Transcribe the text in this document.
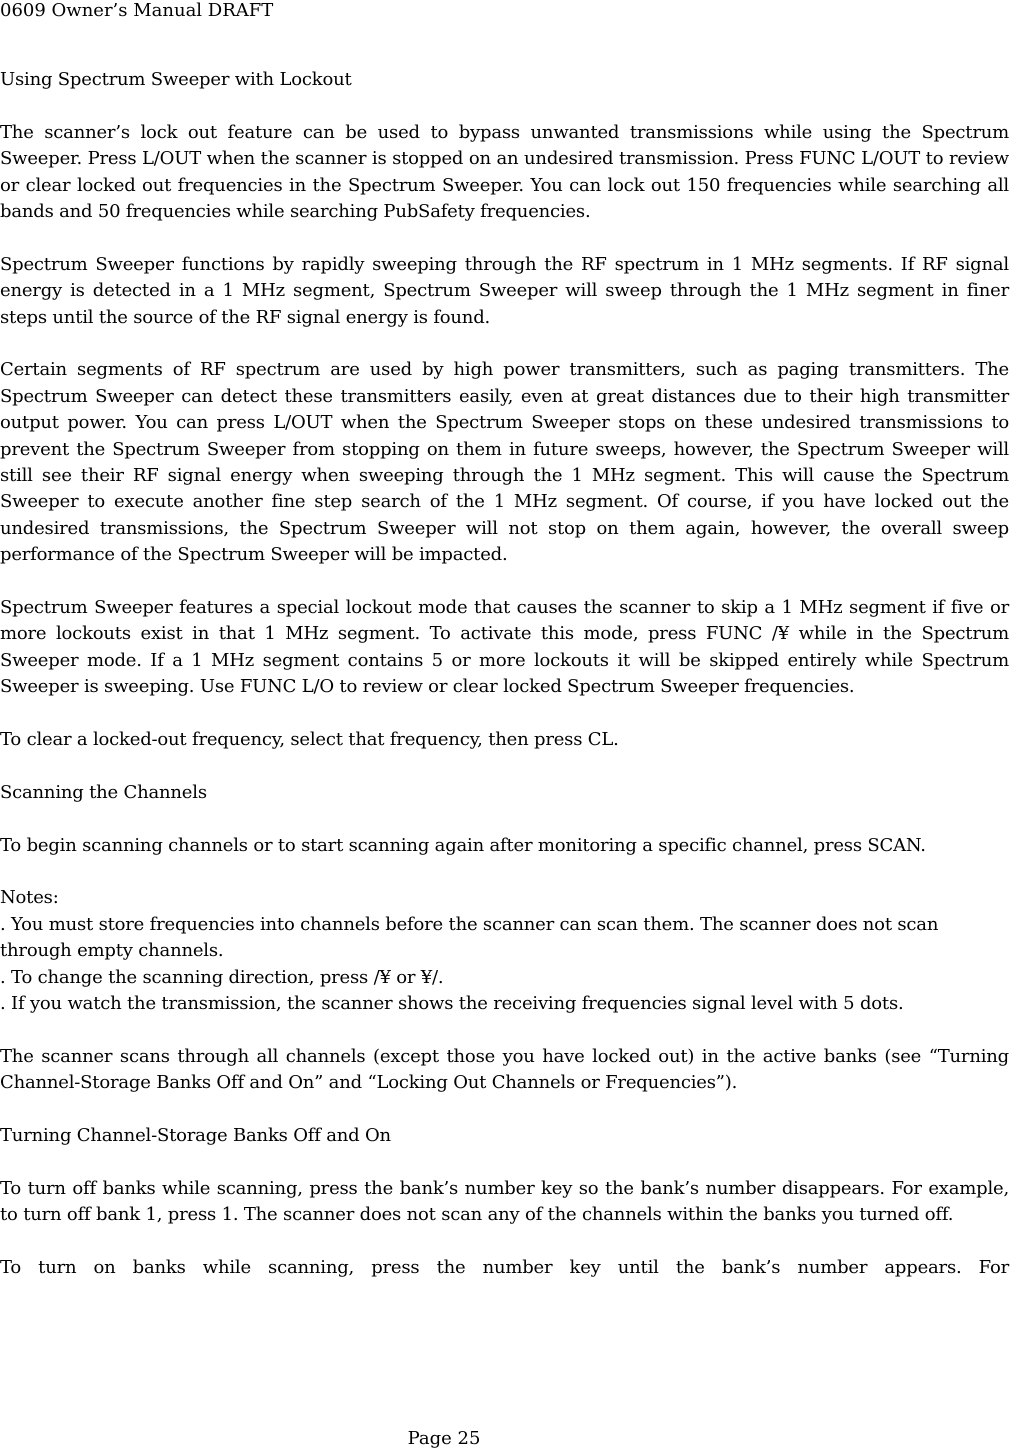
0609 Owner’s Manual DRAFT

Using Spectrum Sweeper with Lockout

The scanner’s lock out feature can be used to bypass unwanted transmissions while using the Spectrum Sweeper. Press L/OUT when the scanner is stopped on an undesired transmission. Press FUNC L/OUT to review or clear locked out frequencies in the Spectrum Sweeper. You can lock out 150 frequencies while searching all bands and 50 frequencies while searching PubSafety frequencies.

Spectrum Sweeper functions by rapidly sweeping through the RF spectrum in 1 MHz segments. If RF signal energy is detected in a 1 MHz segment, Spectrum Sweeper will sweep through the 1 MHz segment in finer steps until the source of the RF signal energy is found.

Certain segments of RF spectrum are used by high power transmitters, such as paging transmitters. The Spectrum Sweeper can detect these transmitters easily, even at great distances due to their high transmitter output power. You can press L/OUT when the Spectrum Sweeper stops on these undesired transmissions to prevent the Spectrum Sweeper from stopping on them in future sweeps, however, the Spectrum Sweeper will still see their RF signal energy when sweeping through the 1 MHz segment. This will cause the Spectrum Sweeper to execute another fine step search of the 1 MHz segment. Of course, if you have locked out the undesired transmissions, the Spectrum Sweeper will not stop on them again, however, the overall sweep performance of the Spectrum Sweeper will be impacted.

Spectrum Sweeper features a special lockout mode that causes the scanner to skip a 1 MHz segment if five or more lockouts exist in that 1 MHz segment. To activate this mode, press FUNC /¥ while in the Spectrum Sweeper mode. If a 1 MHz segment contains 5 or more lockouts it will be skipped entirely while Spectrum Sweeper is sweeping. Use FUNC L/O to review or clear locked Spectrum Sweeper frequencies.

To clear a locked-out frequency, select that frequency, then press CL.

Scanning the Channels

To begin scanning channels or to start scanning again after monitoring a specific channel, press SCAN.

Notes:
. You must store frequencies into channels before the scanner can scan them. The scanner does not scan through empty channels.
. To change the scanning direction, press /¥ or ¥/.
. If you watch the transmission, the scanner shows the receiving frequencies signal level with 5 dots.

The scanner scans through all channels (except those you have locked out) in the active banks (see “Turning Channel-Storage Banks Off and On” and “Locking Out Channels or Frequencies”).

Turning Channel-Storage Banks Off and On

To turn off banks while scanning, press the bank’s number key so the bank’s number disappears. For example, to turn off bank 1, press 1. The scanner does not scan any of the channels within the banks you turned off.

To turn on banks while scanning, press the number key until the bank’s number appears. For

Page 25
